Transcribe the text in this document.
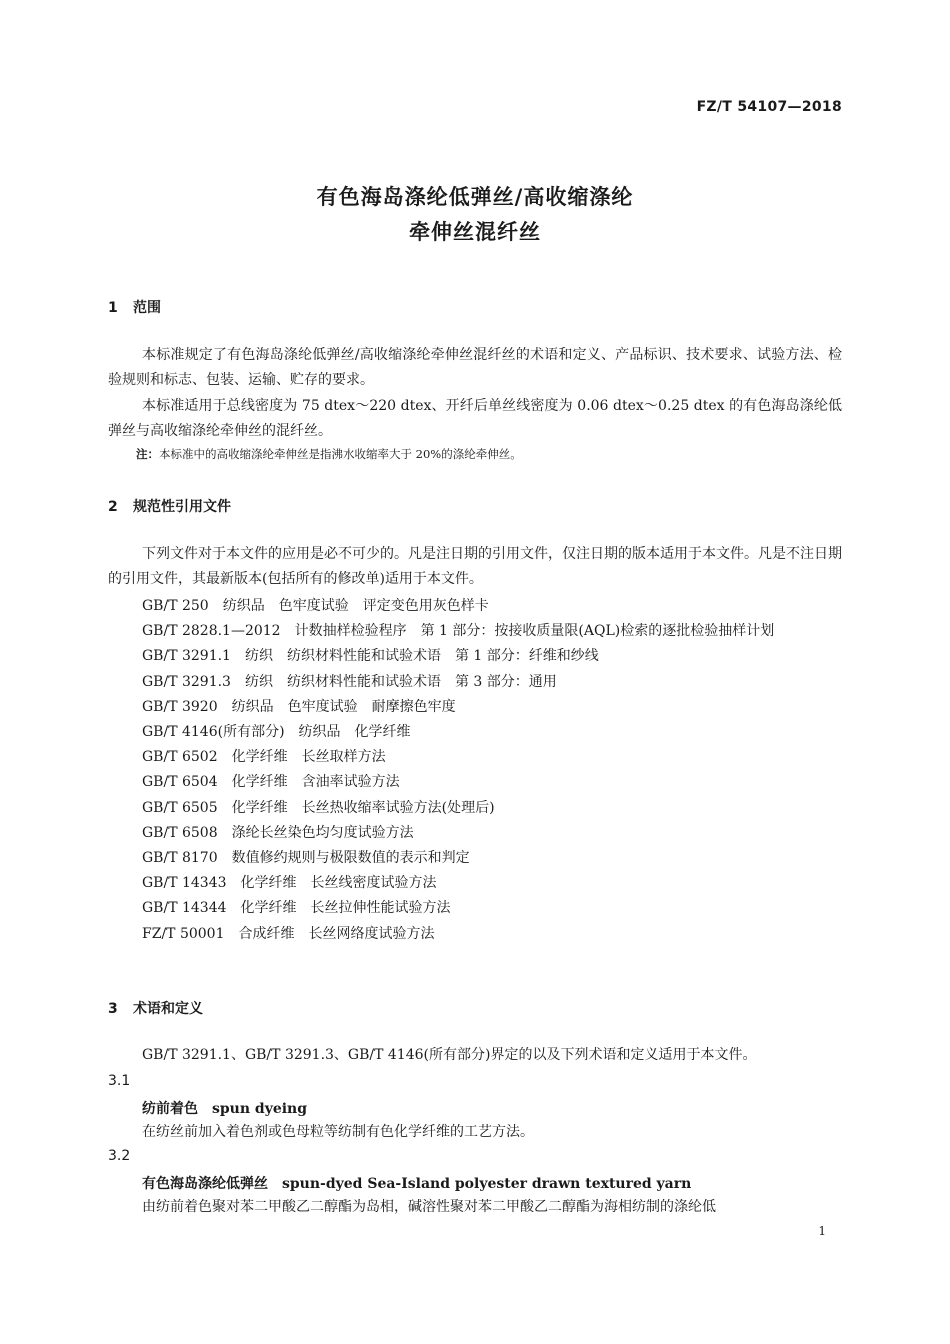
FZ/T 54107—2018
有色海岛涤纶低弹丝/高收缩涤纶
牵伸丝混纤丝
1 范围
本标准规定了有色海岛涤纶低弹丝/高收缩涤纶牵伸丝混纤丝的术语和定义、产品标识、技术要求、试验方法、检验规则和标志、包装、运输、贮存的要求。
本标准适用于总线密度为 75 dtex～220 dtex、开纤后单丝线密度为 0.06 dtex～0.25 dtex 的有色海岛涤纶低弹丝与高收缩涤纶牵伸丝的混纤丝。
注：本标准中的高收缩涤纶牵伸丝是指沸水收缩率大于 20%的涤纶牵伸丝。
2 规范性引用文件
下列文件对于本文件的应用是必不可少的。凡是注日期的引用文件，仅注日期的版本适用于本文件。凡是不注日期的引用文件，其最新版本(包括所有的修改单)适用于本文件。
GB/T 250 纺织品　色牢度试验　评定变色用灰色样卡
GB/T 2828.1—2012 计数抽样检验程序　第 1 部分：按接收质量限(AQL)检索的逐批检验抽样计划
GB/T 3291.1 纺织　纺织材料性能和试验术语　第 1 部分：纤维和纱线
GB/T 3291.3 纺织　纺织材料性能和试验术语　第 3 部分：通用
GB/T 3920 纺织品　色牢度试验　耐摩擦色牢度
GB/T 4146(所有部分) 纺织品　化学纤维
GB/T 6502 化学纤维　长丝取样方法
GB/T 6504 化学纤维　含油率试验方法
GB/T 6505 化学纤维　长丝热收缩率试验方法(处理后)
GB/T 6508 涤纶长丝染色均匀度试验方法
GB/T 8170 数值修约规则与极限数值的表示和判定
GB/T 14343 化学纤维　长丝线密度试验方法
GB/T 14344 化学纤维　长丝拉伸性能试验方法
FZ/T 50001 合成纤维　长丝网络度试验方法
3 术语和定义
GB/T 3291.1、GB/T 3291.3、GB/T 4146(所有部分)界定的以及下列术语和定义适用于本文件。
3.1
纺前着色 spun dyeing
在纺丝前加入着色剂或色母粒等纺制有色化学纤维的工艺方法。
3.2
有色海岛涤纶低弹丝 spun-dyed Sea-Island polyester drawn textured yarn
由纺前着色聚对苯二甲酸乙二醇酯为岛相，碱溶性聚对苯二甲酸乙二醇酯为海相纺制的涤纶低
1
